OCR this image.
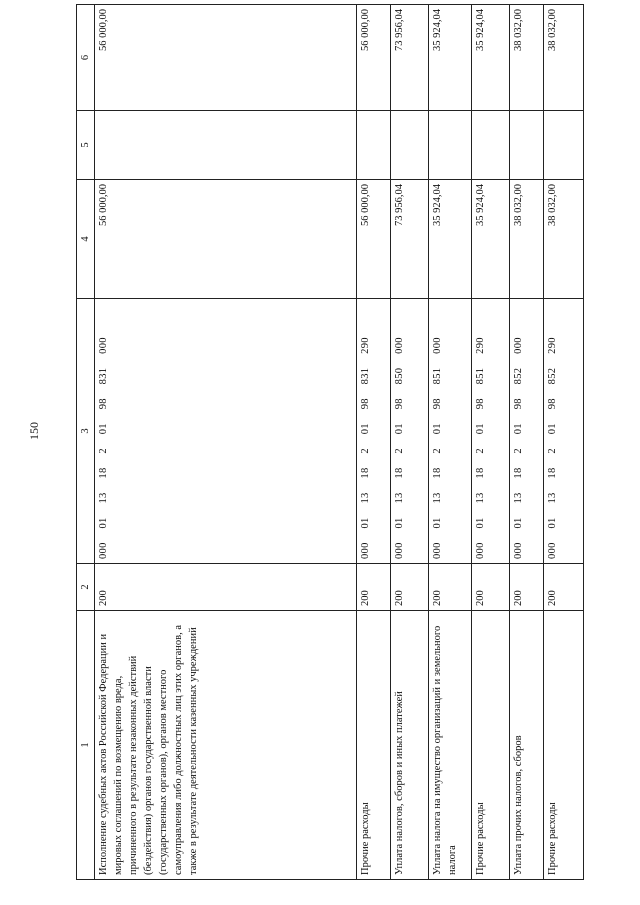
150
1	2	3	4	5	6
Исполнение судебных актов Российской Федерации и мировых соглашений по возмещению вреда, причиненного в результате незаконных действий (бездействия) органов государственной власти (государственных органов), органов местного самоуправления либо должностных лиц этих органов, а также в результате деятельности казенных учреждений	200	000  01  13  18  2  01  98  831  000	56 000,00		56 000,00
Прочие расходы	200	000  01  13  18  2  01  98  831  290	56 000,00		56 000,00
Уплата налогов, сборов и иных платежей	200	000  01  13  18  2  01  98  850  000	73 956,04		73 956,04
Уплата налога на имущество организаций и земельного налога	200	000  01  13  18  2  01  98  851  000	35 924,04		35 924,04
Прочие расходы	200	000  01  13  18  2  01  98  851  290	35 924,04		35 924,04
Уплата прочих налогов, сборов	200	000  01  13  18  2  01  98  852  000	38 032,00		38 032,00
Прочие расходы	200	000  01  13  18  2  01  98  852  290	38 032,00		38 032,00
